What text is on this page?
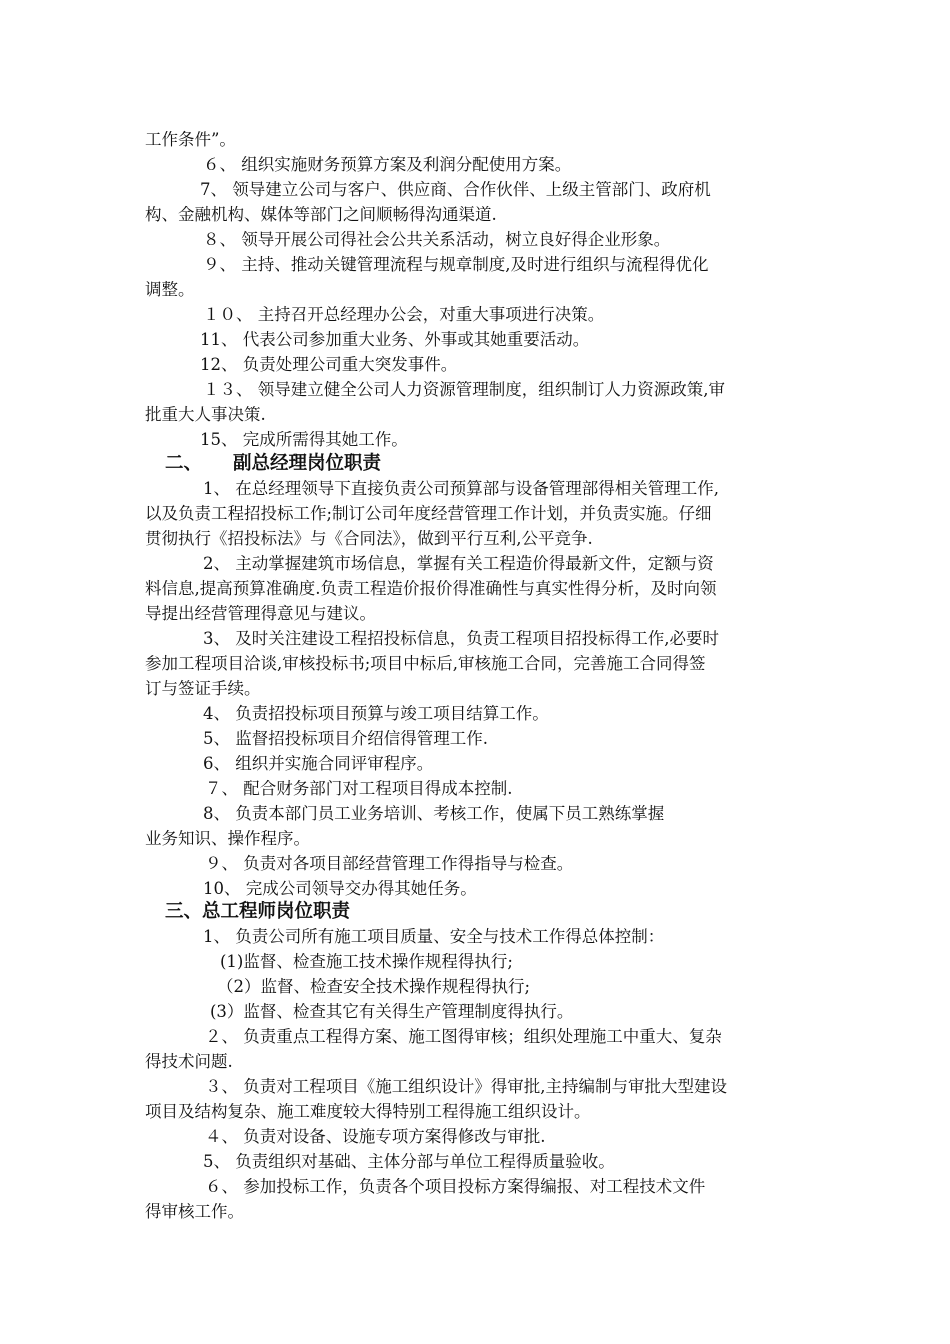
工作条件”。
６、 组织实施财务预算方案及利润分配使用方案。
7、 领导建立公司与客户、供应商、合作伙伴、上级主管部门、政府机
构、金融机构、媒体等部门之间顺畅得沟通渠道.
８、 领导开展公司得社会公共关系活动，树立良好得企业形象。
９、 主持、推动关键管理流程与规章制度,及时进行组织与流程得优化
调整。
１０、 主持召开总经理办公会，对重大事项进行决策。
11、 代表公司参加重大业务、外事或其她重要活动。
12、 负责处理公司重大突发事件。
１３、 领导建立健全公司人力资源管理制度，组织制订人力资源政策,审
批重大人事决策.
15、 完成所需得其她工作。
二、 副总经理岗位职责
1、 在总经理领导下直接负责公司预算部与设备管理部得相关管理工作,
以及负责工程招投标工作;制订公司年度经营管理工作计划，并负责实施。仔细
贯彻执行《招投标法》与《合同法》，做到平行互利,公平竞争.
2、 主动掌握建筑市场信息，掌握有关工程造价得最新文件，定额与资
料信息,提高预算准确度.负责工程造价报价得准确性与真实性得分析，及时向领
导提出经营管理得意见与建议。
3、 及时关注建设工程招投标信息，负责工程项目招投标得工作,必要时
参加工程项目洽谈,审核投标书;项目中标后,审核施工合同，完善施工合同得签
订与签证手续。
4、 负责招投标项目预算与竣工项目结算工作。
5、 监督招投标项目介绍信得管理工作.
6、 组织并实施合同评审程序。
７、 配合财务部门对工程项目得成本控制.
8、 负责本部门员工业务培训、考核工作，使属下员工熟练掌握
业务知识、操作程序。
９、 负责对各项目部经营管理工作得指导与检查。
10、 完成公司领导交办得其她任务。
三、总工程师岗位职责
1、 负责公司所有施工项目质量、安全与技术工作得总体控制：
(1)监督、检查施工技术操作规程得执行;
（2）监督、检查安全技术操作规程得执行;
(3）监督、检查其它有关得生产管理制度得执行。
２、 负责重点工程得方案、施工图得审核；组织处理施工中重大、复杂
得技术问题.
３、 负责对工程项目《施工组织设计》得审批,主持编制与审批大型建设
项目及结构复杂、施工难度较大得特别工程得施工组织设计。
４、 负责对设备、设施专项方案得修改与审批.
5、 负责组织对基础、主体分部与单位工程得质量验收。
６、 参加投标工作，负责各个项目投标方案得编报、对工程技术文件
得审核工作。
